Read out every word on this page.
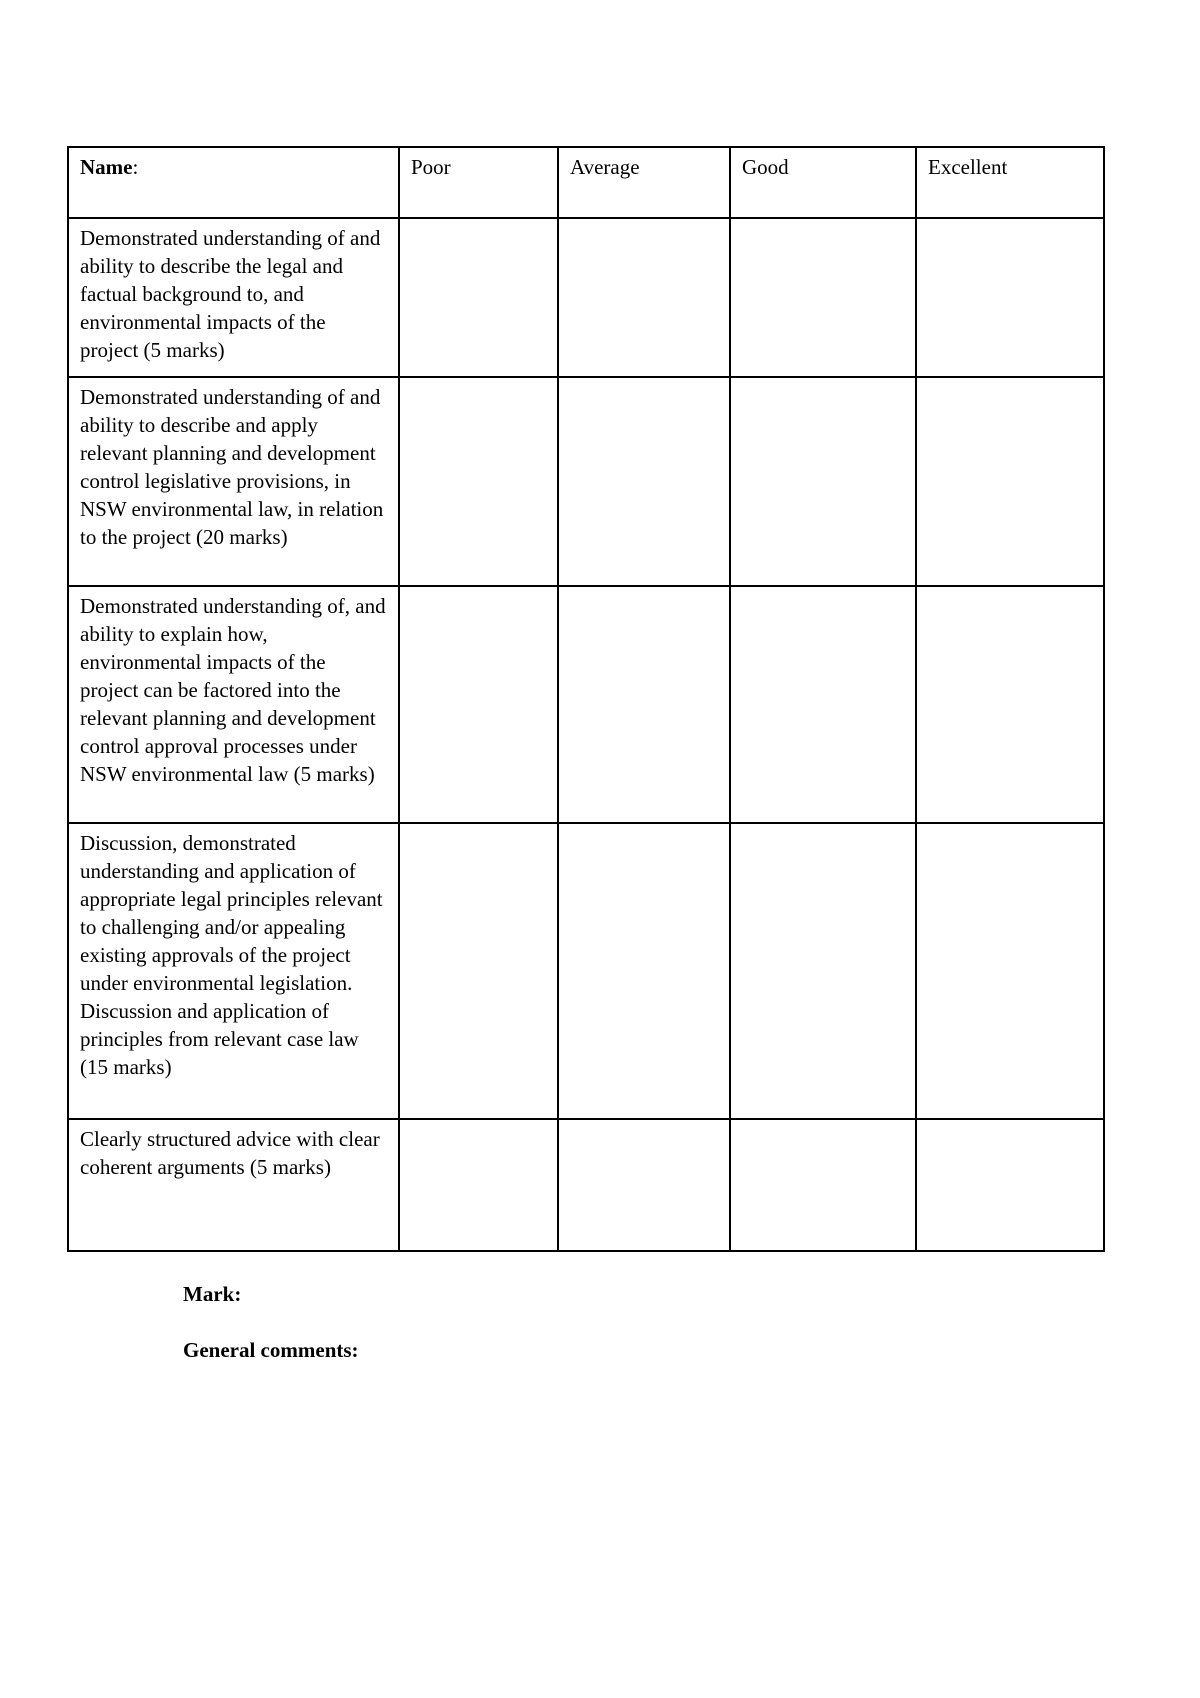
Name:	Poor	Average	Good	Excellent
Demonstrated understanding of and ability to describe the legal and factual background to, and environmental impacts of the project (5 marks)				
Demonstrated understanding of and ability to describe and apply relevant planning and development control legislative provisions, in NSW environmental law, in relation to the project (20 marks)				
Demonstrated understanding of, and ability to explain how, environmental impacts of the project can be factored into the relevant planning and development control approval processes under NSW environmental law (5 marks)				
Discussion, demonstrated understanding and application of appropriate legal principles relevant to challenging and/or appealing existing approvals of the project under environmental legislation. Discussion and application of principles from relevant case law (15 marks)				
Clearly structured advice with clear coherent arguments (5 marks)				

Mark:

General comments:
